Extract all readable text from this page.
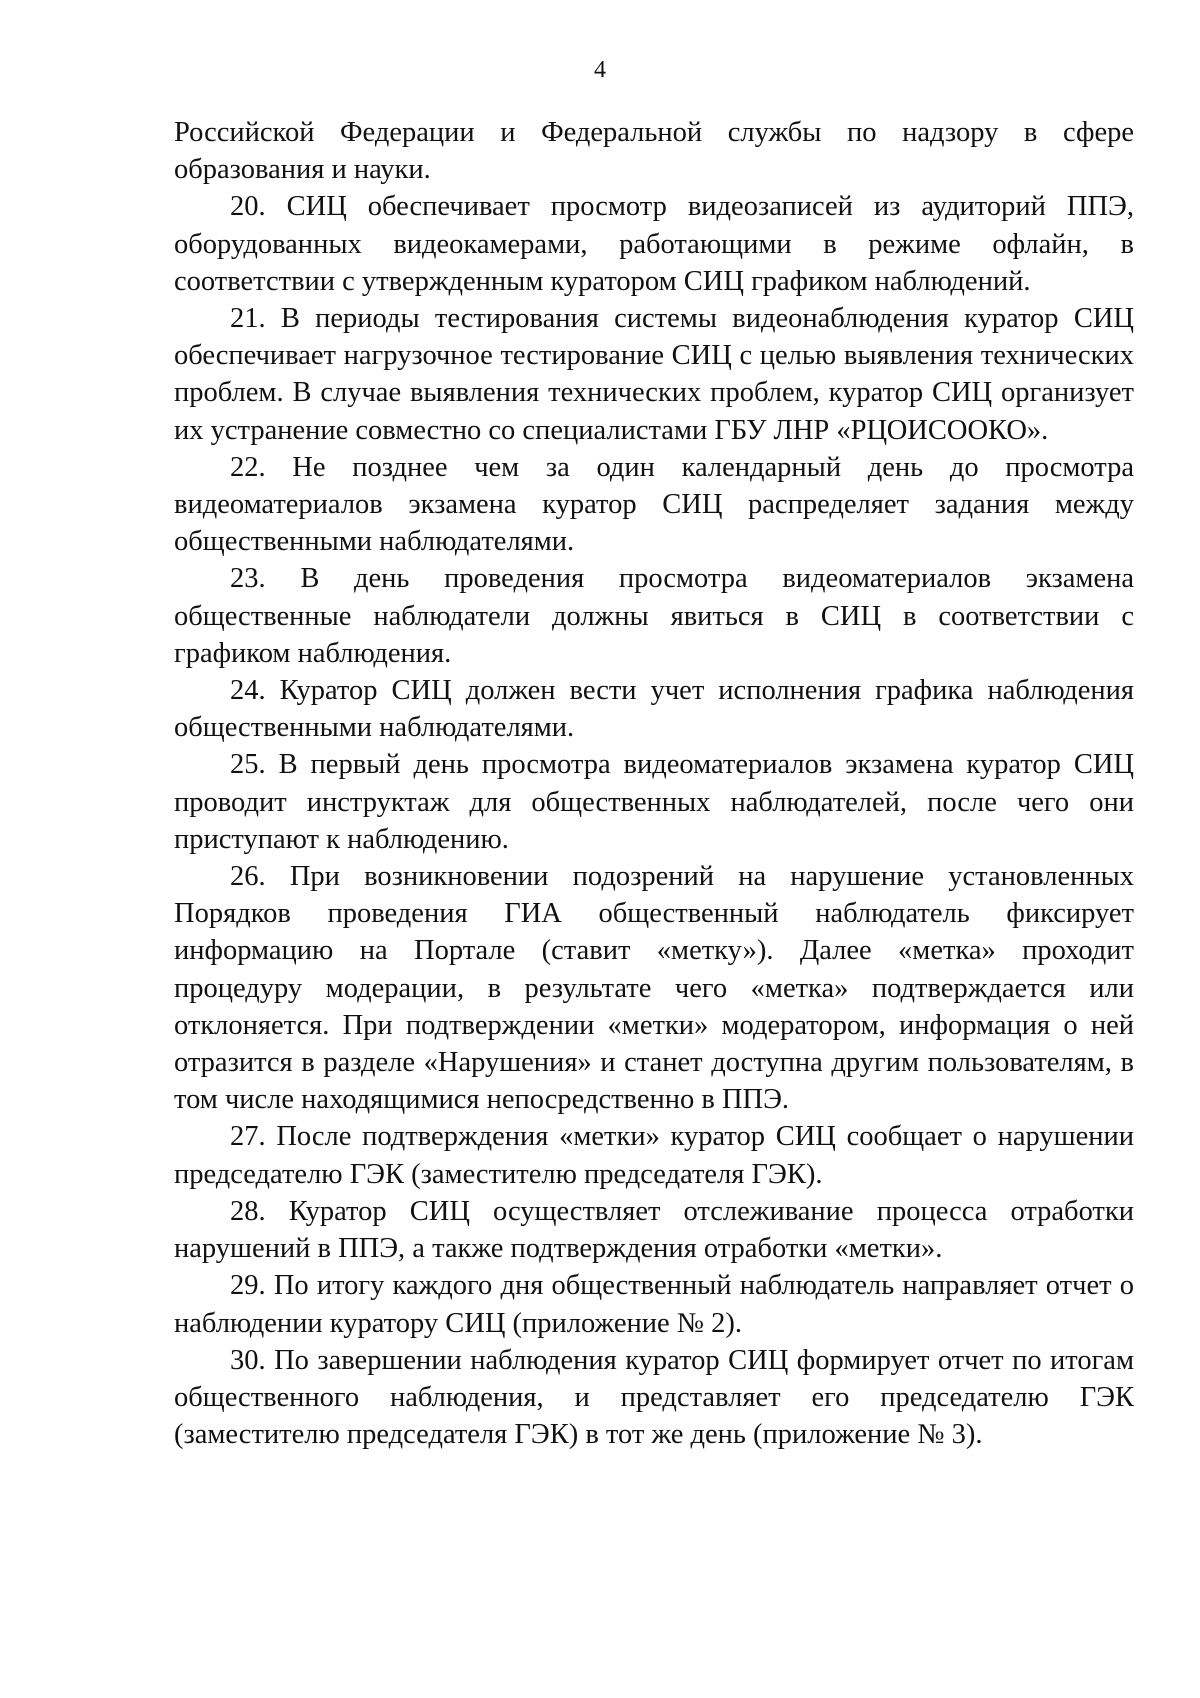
4

Российской Федерации и Федеральной службы по надзору в сфере образования и науки.

20. СИЦ обеспечивает просмотр видеозаписей из аудиторий ППЭ, оборудованных видеокамерами, работающими в режиме офлайн, в соответствии с утвержденным куратором СИЦ графиком наблюдений.

21. В периоды тестирования системы видеонаблюдения куратор СИЦ обеспечивает нагрузочное тестирование СИЦ с целью выявления технических проблем. В случае выявления технических проблем, куратор СИЦ организует их устранение совместно со специалистами ГБУ ЛНР «РЦОИСООКО».

22. Не позднее чем за один календарный день до просмотра видеоматериалов экзамена куратор СИЦ распределяет задания между общественными наблюдателями.

23. В день проведения просмотра видеоматериалов экзамена общественные наблюдатели должны явиться в СИЦ в соответствии с графиком наблюдения.

24. Куратор СИЦ должен вести учет исполнения графика наблюдения общественными наблюдателями.

25. В первый день просмотра видеоматериалов экзамена куратор СИЦ проводит инструктаж для общественных наблюдателей, после чего они приступают к наблюдению.

26. При возникновении подозрений на нарушение установленных Порядков проведения ГИА общественный наблюдатель фиксирует информацию на Портале (ставит «метку»). Далее «метка» проходит процедуру модерации, в результате чего «метка» подтверждается или отклоняется. При подтверждении «метки» модератором, информация о ней отразится в разделе «Нарушения» и станет доступна другим пользователям, в том числе находящимися непосредственно в ППЭ.

27. После подтверждения «метки» куратор СИЦ сообщает о нарушении председателю ГЭК (заместителю председателя ГЭК).

28. Куратор СИЦ осуществляет отслеживание процесса отработки нарушений в ППЭ, а также подтверждения отработки «метки».

29. По итогу каждого дня общественный наблюдатель направляет отчет о наблюдении куратору СИЦ (приложение № 2).

30. По завершении наблюдения куратор СИЦ формирует отчет по итогам общественного наблюдения, и представляет его председателю ГЭК (заместителю председателя ГЭК) в тот же день (приложение № 3).
